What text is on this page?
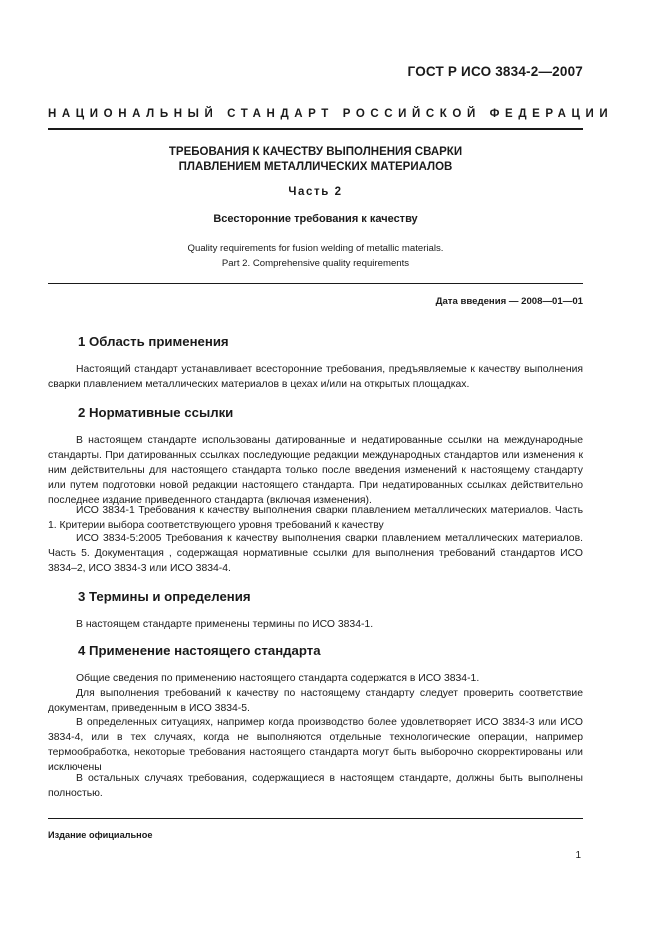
ГОСТ Р ИСО 3834-2—2007
НАЦИОНАЛЬНЫЙ СТАНДАРТ РОССИЙСКОЙ ФЕДЕРАЦИИ
ТРЕБОВАНИЯ К КАЧЕСТВУ ВЫПОЛНЕНИЯ СВАРКИ
ПЛАВЛЕНИЕМ МЕТАЛЛИЧЕСКИХ МАТЕРИАЛОВ
Часть 2
Всесторонние требования к качеству
Quality requirements for fusion welding of metallic materials.
Part 2. Comprehensive quality requirements
Дата введения — 2008—01—01
1 Область применения

Настоящий стандарт устанавливает всесторонние требования, предъявляемые к качеству выполнения сварки плавлением металлических материалов в цехах и/или на открытых площадках.

2 Нормативные ссылки

В настоящем стандарте использованы датированные и недатированные ссылки на международные стандарты. При датированных ссылках последующие редакции международных стандартов или изменения к ним действительны для настоящего стандарта только после введения изменений к настоящему стандарту или путем подготовки новой редакции настоящего стандарта. При недатированных ссылках действительно последнее издание приведенного стандарта (включая изменения).

ИСО 3834-1 Требования к качеству выполнения сварки плавлением металлических материалов. Часть 1. Критерии выбора соответствующего уровня требований к качеству

ИСО 3834-5:2005 Требования к качеству выполнения сварки плавлением металлических материалов. Часть 5. Документация , содержащая нормативные ссылки для выполнения требований стандартов ИСО 3834–2, ИСО 3834-3 или ИСО 3834-4.

3 Термины и определения

В настоящем стандарте применены термины по ИСО 3834-1.

4 Применение настоящего стандарта

Общие сведения по применению настоящего стандарта содержатся в ИСО 3834-1.

Для выполнения требований к качеству по настоящему стандарту следует проверить соответствие документам, приведенным в ИСО 3834-5.

В определенных ситуациях, например когда производство более удовлетворяет ИСО 3834-3 или ИСО 3834-4, или в тех случаях, когда не выполняются отдельные технологические операции, например термообработка, некоторые требования настоящего стандарта могут быть выборочно скорректированы или исключены

В остальных случаях требования, содержащиеся в настоящем стандарте, должны быть выполнены полностью.

Издание официальное
1
